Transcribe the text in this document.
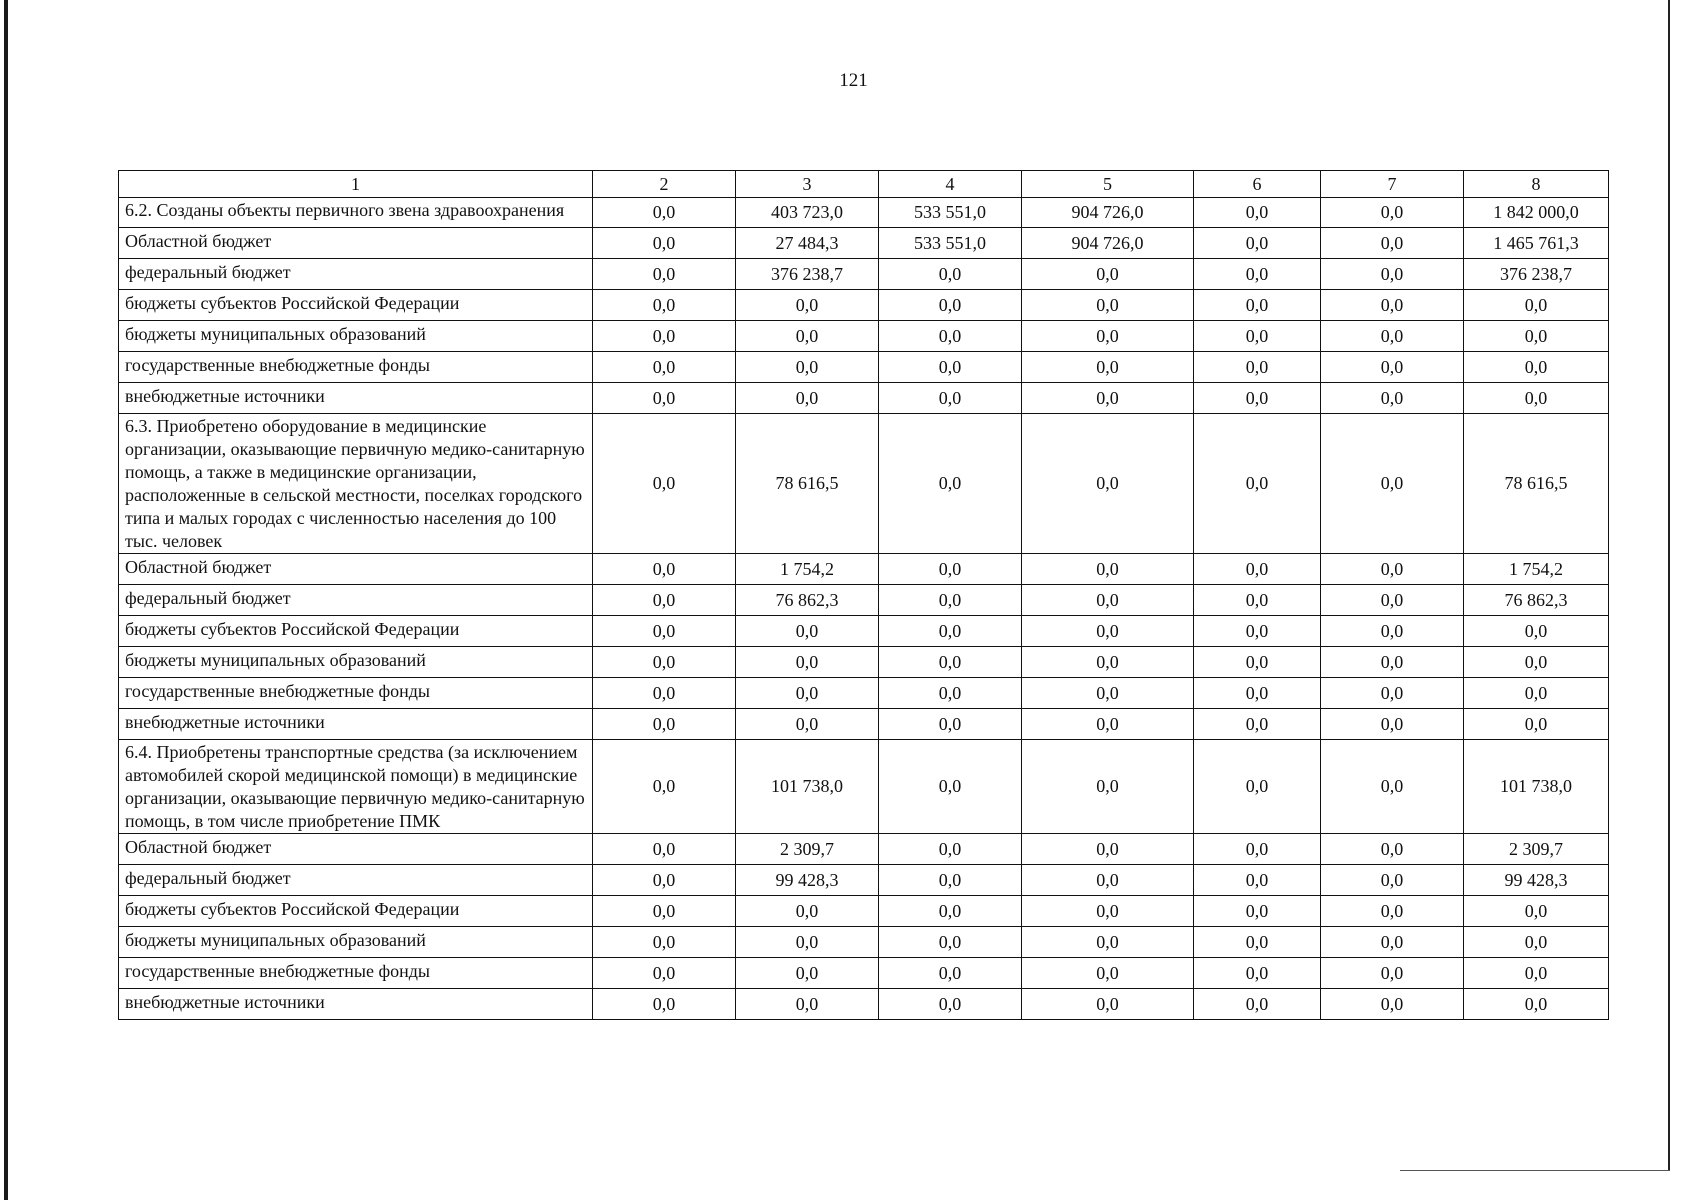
121
1	2	3	4	5	6	7	8
6.2. Созданы объекты первичного звена здравоохранения	0,0	403 723,0	533 551,0	904 726,0	0,0	0,0	1 842 000,0
Областной бюджет	0,0	27 484,3	533 551,0	904 726,0	0,0	0,0	1 465 761,3
федеральный бюджет	0,0	376 238,7	0,0	0,0	0,0	0,0	376 238,7
бюджеты субъектов Российской Федерации	0,0	0,0	0,0	0,0	0,0	0,0	0,0
бюджеты муниципальных образований	0,0	0,0	0,0	0,0	0,0	0,0	0,0
государственные внебюджетные фонды	0,0	0,0	0,0	0,0	0,0	0,0	0,0
внебюджетные источники	0,0	0,0	0,0	0,0	0,0	0,0	0,0
6.3. Приобретено оборудование в медицинские организации, оказывающие первичную медико-санитарную помощь, а также в медицинские организации, расположенные в сельской местности, поселках городского типа и малых городах с численностью населения до 100 тыс. человек	0,0	78 616,5	0,0	0,0	0,0	0,0	78 616,5
Областной бюджет	0,0	1 754,2	0,0	0,0	0,0	0,0	1 754,2
федеральный бюджет	0,0	76 862,3	0,0	0,0	0,0	0,0	76 862,3
бюджеты субъектов Российской Федерации	0,0	0,0	0,0	0,0	0,0	0,0	0,0
бюджеты муниципальных образований	0,0	0,0	0,0	0,0	0,0	0,0	0,0
государственные внебюджетные фонды	0,0	0,0	0,0	0,0	0,0	0,0	0,0
внебюджетные источники	0,0	0,0	0,0	0,0	0,0	0,0	0,0
6.4. Приобретены транспортные средства (за исключением автомобилей скорой медицинской помощи) в медицинские организации, оказывающие первичную медико-санитарную помощь, в том числе приобретение ПМК	0,0	101 738,0	0,0	0,0	0,0	0,0	101 738,0
Областной бюджет	0,0	2 309,7	0,0	0,0	0,0	0,0	2 309,7
федеральный бюджет	0,0	99 428,3	0,0	0,0	0,0	0,0	99 428,3
бюджеты субъектов Российской Федерации	0,0	0,0	0,0	0,0	0,0	0,0	0,0
бюджеты муниципальных образований	0,0	0,0	0,0	0,0	0,0	0,0	0,0
государственные внебюджетные фонды	0,0	0,0	0,0	0,0	0,0	0,0	0,0
внебюджетные источники	0,0	0,0	0,0	0,0	0,0	0,0	0,0
